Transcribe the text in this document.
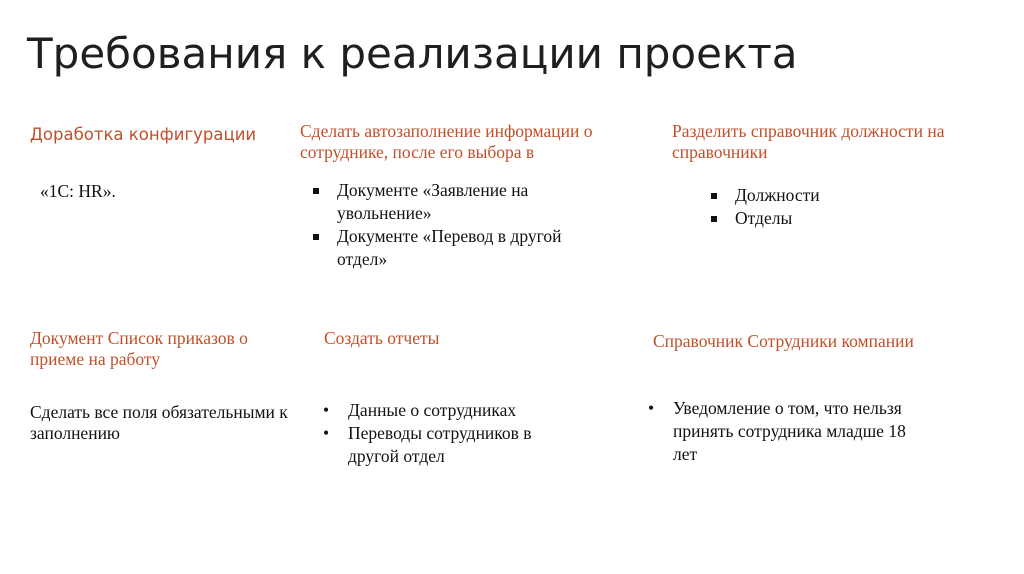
Требования к реализации проекта
Доработка конфигурации
«1С: HR».
Документ Список приказов о приеме на работу
Сделать все поля обязательными к заполнению
Сделать автозаполнение информации о сотруднике, после его выбора в
Документе «Заявление на увольнение»
Документе «Перевод в другой отдел»
Создать отчеты
• Данные о сотрудниках
• Переводы сотрудников в другой отдел
Разделить справочник должности на справочники
Должности
Отделы
Справочник Сотрудники компании
• Уведомление о том, что нельзя принять сотрудника младше 18 лет
